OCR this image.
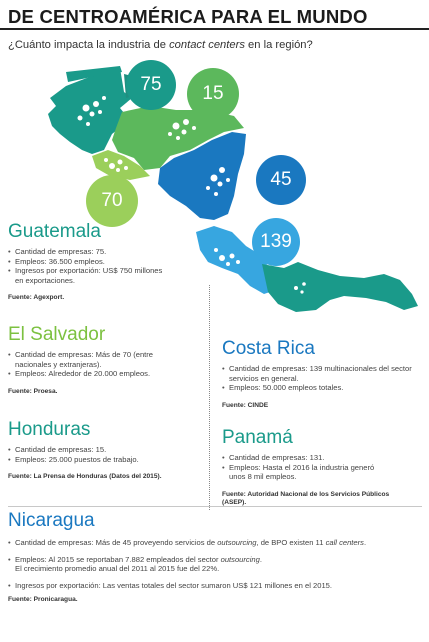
DE CENTROAMÉRICA PARA EL MUNDO
¿Cuánto impacta la industria de contact centers en la región?
75	15
70
45
139
Guatemala
• Cantidad de empresas: 75.
• Empleos: 36.500 empleos.
• Ingresos por exportación: US$ 750 millones en exportaciones.
Fuente: Agexport.
El Salvador
• Cantidad de empresas: Más de 70 (entre nacionales y extranjeras).
• Empleos: Alrededor de 20.000 empleos.
Fuente: Proesa.
Honduras
• Cantidad de empresas: 15.
• Empleos: 25.000 puestos de trabajo.
Fuente: La Prensa de Honduras (Datos del 2015).
Costa Rica
• Cantidad de empresas: 139 multinacionales del sector servicios en general.
• Empleos: 50.000 empleos totales.
Fuente: CINDE
Panamá
• Cantidad de empresas: 131.
• Empleos: Hasta el 2016 la industria generó unos 8 mil empleos.
Fuente: Autoridad Nacional de los Servicios Públicos (ASEP).
Nicaragua
• Cantidad de empresas: Más de 45 proveyendo servicios de outsourcing, de BPO existen 11 call centers.
• Empleos: Al 2015 se reportaban 7.882 empleados del sector outsourcing.
El crecimiento promedio anual del 2011 al 2015 fue del 22%.
• Ingresos por exportación: Las ventas totales del sector sumaron US$ 121 millones en el 2015.
Fuente: Pronicaragua.
